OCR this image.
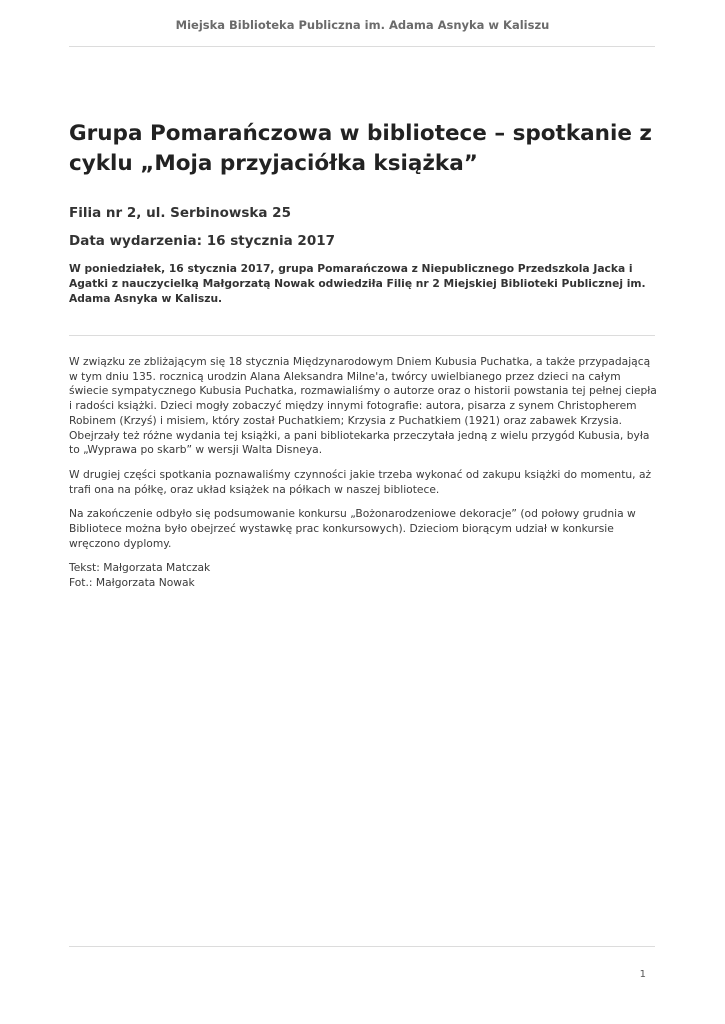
Miejska Biblioteka Publiczna im. Adama Asnyka w Kaliszu
Grupa Pomarańczowa w bibliotece – spotkanie z cyklu „Moja przyjaciółka książka”
Filia nr 2, ul. Serbinowska 25
Data wydarzenia: 16 stycznia 2017

W poniedziałek, 16 stycznia 2017, grupa Pomarańczowa z Niepublicznego Przedszkola Jacka i Agatki z nauczycielką Małgorzatą Nowak odwiedziła Filię nr 2 Miejskiej Biblioteki Publicznej im. Adama Asnyka w Kaliszu.

W związku ze zbliżającym się 18 stycznia Międzynarodowym Dniem Kubusia Puchatka, a także przypadającą w tym dniu 135. rocznicą urodzin Alana Aleksandra Milne'a, twórcy uwielbianego przez dzieci na całym świecie sympatycznego Kubusia Puchatka, rozmawialiśmy o autorze oraz o historii powstania tej pełnej ciepła i radości książki. Dzieci mogły zobaczyć między innymi fotografie: autora, pisarza z synem Christopherem Robinem (Krzyś) i misiem, który został Puchatkiem; Krzysia z Puchatkiem (1921) oraz zabawek Krzysia. Obejrzały też różne wydania tej książki, a pani bibliotekarka przeczytała jedną z wielu przygód Kubusia, była to „Wyprawa po skarb” w wersji Walta Disneya.

W drugiej części spotkania poznawaliśmy czynności jakie trzeba wykonać od zakupu książki do momentu, aż trafi ona na półkę, oraz układ książek na półkach w naszej bibliotece.

Na zakończenie odbyło się podsumowanie konkursu „Bożonarodzeniowe dekoracje” (od połowy grudnia w Bibliotece można było obejrzeć wystawkę prac konkursowych). Dzieciom biorącym udział w konkursie wręczono dyplomy.

Tekst: Małgorzata Matczak
Fot.: Małgorzata Nowak
1
